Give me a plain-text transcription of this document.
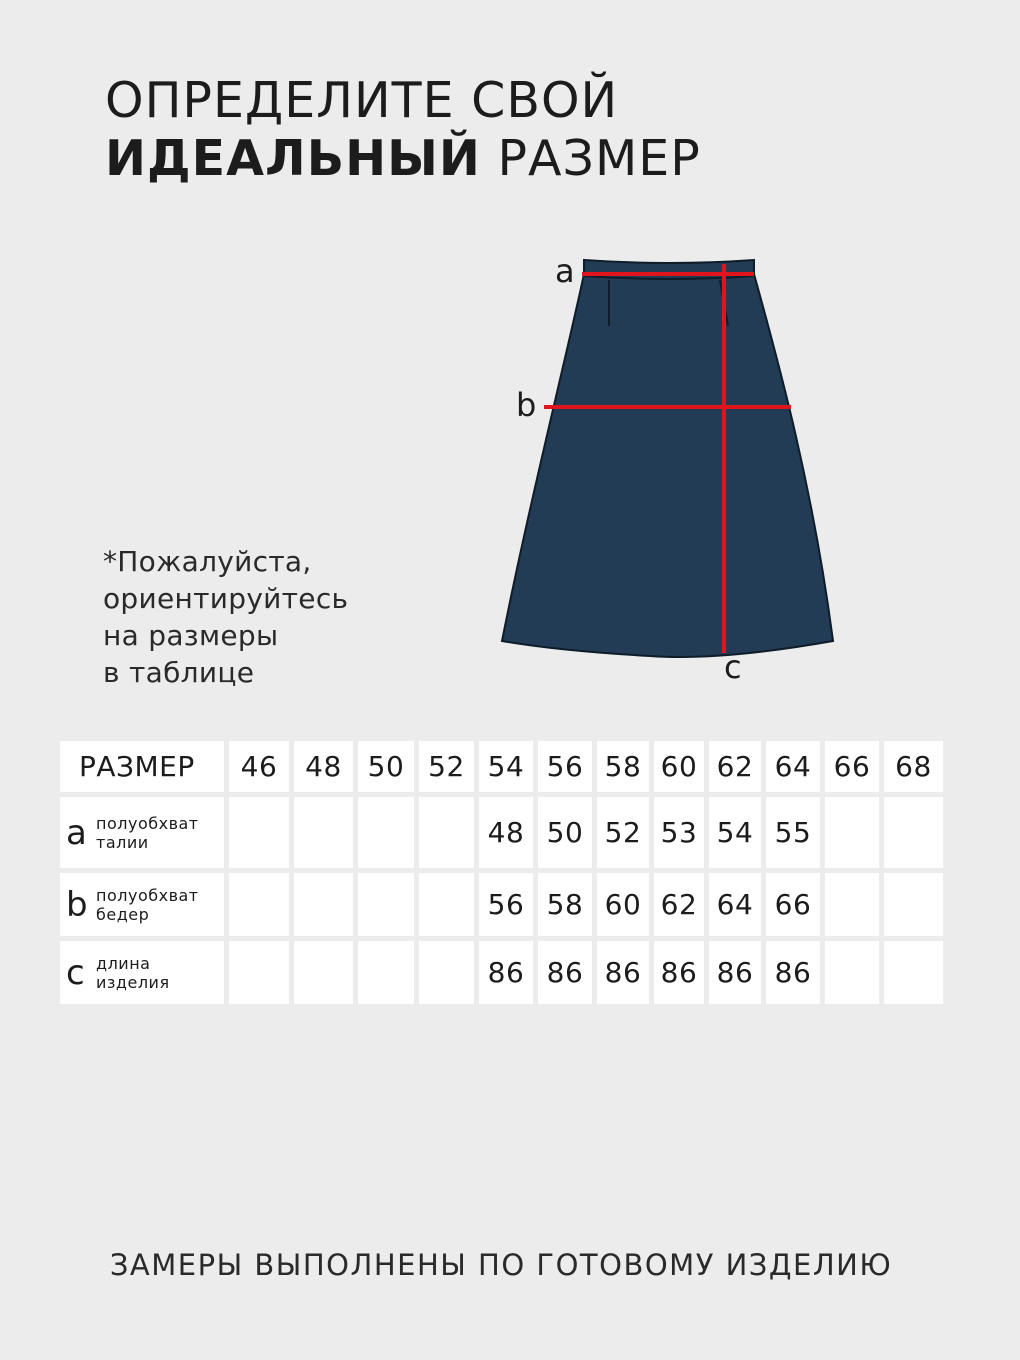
ОПРЕДЕЛИТЕ СВОЙ
ИДЕАЛЬНЫЙ РАЗМЕР
a
b
c
*Пожалуйста,
ориентируйтесь
на размеры
в таблице
РАЗМЕР	46	48	50	52	54	56	58	60	62	64	66	68

a полуобхват
талии					48	50	52	53	54	55		

b полуобхват
бедер					56	58	60	62	64	66		

c длина
изделия					86	86	86	86	86	86		
ЗАМЕРЫ ВЫПОЛНЕНЫ ПО ГОТОВОМУ ИЗДЕЛИЮ
